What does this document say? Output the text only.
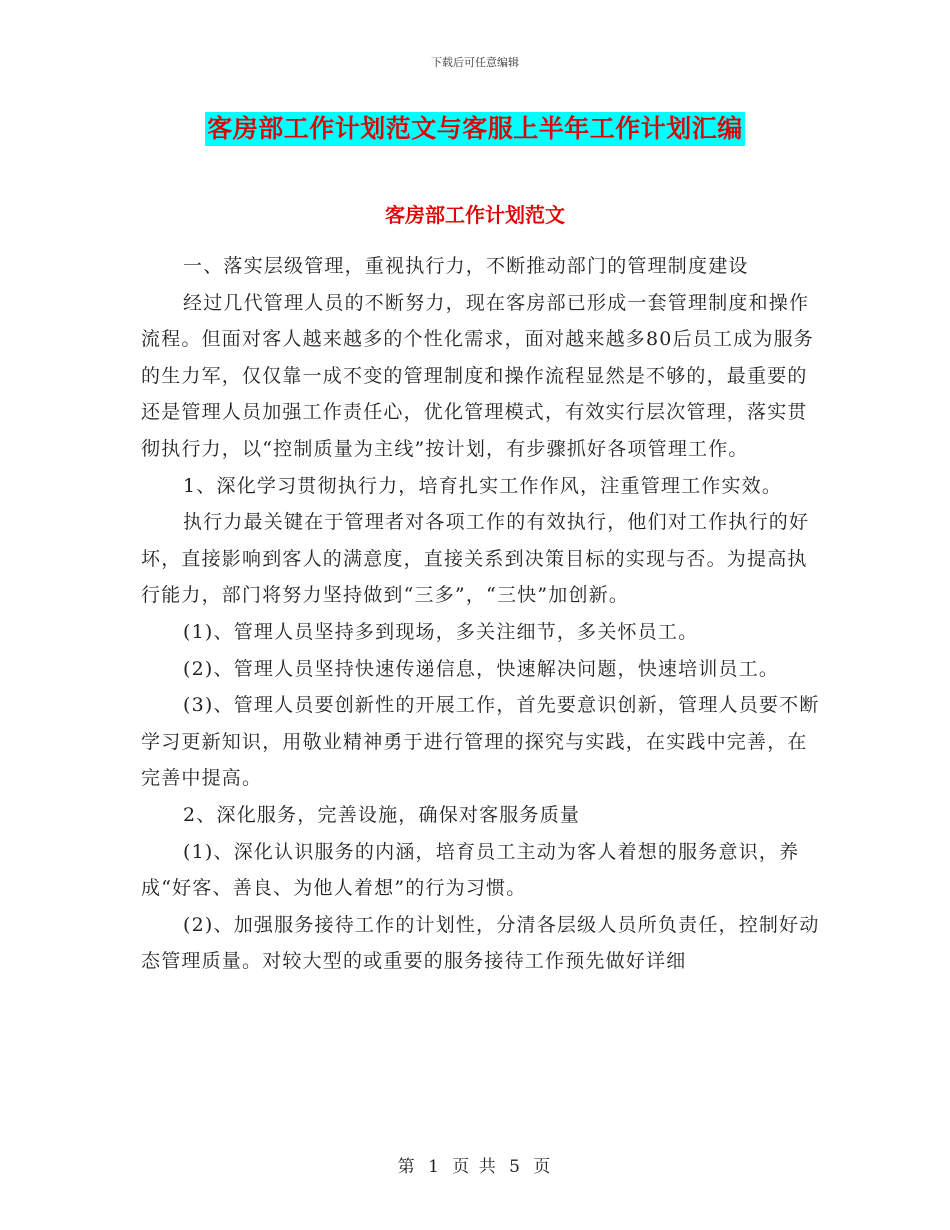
下载后可任意编辑
客房部工作计划范文与客服上半年工作计划汇编
客房部工作计划范文

一、落实层级管理，重视执行力，不断推动部门的管理制度建设

经过几代管理人员的不断努力，现在客房部已形成一套管理制度和操作流程。但面对客人越来越多的个性化需求，面对越来越多80后员工成为服务的生力军，仅仅靠一成不变的管理制度和操作流程显然是不够的，最重要的还是管理人员加强工作责任心，优化管理模式，有效实行层次管理，落实贯彻执行力，以“控制质量为主线”按计划，有步骤抓好各项管理工作。

1、深化学习贯彻执行力，培育扎实工作作风，注重管理工作实效。

执行力最关键在于管理者对各项工作的有效执行，他们对工作执行的好坏，直接影响到客人的满意度，直接关系到决策目标的实现与否。为提高执行能力，部门将努力坚持做到“三多”，“三快”加创新。

(1)、管理人员坚持多到现场，多关注细节，多关怀员工。

(2)、管理人员坚持快速传递信息，快速解决问题，快速培训员工。

(3)、管理人员要创新性的开展工作，首先要意识创新，管理人员要不断学习更新知识，用敬业精神勇于进行管理的探究与实践，在实践中完善，在完善中提高。

2、深化服务，完善设施，确保对客服务质量

(1)、深化认识服务的内涵，培育员工主动为客人着想的服务意识，养成“好客、善良、为他人着想”的行为习惯。

(2)、加强服务接待工作的计划性，分清各层级人员所负责任，控制好动态管理质量。对较大型的或重要的服务接待工作预先做好详细

第 1 页 共 5 页
